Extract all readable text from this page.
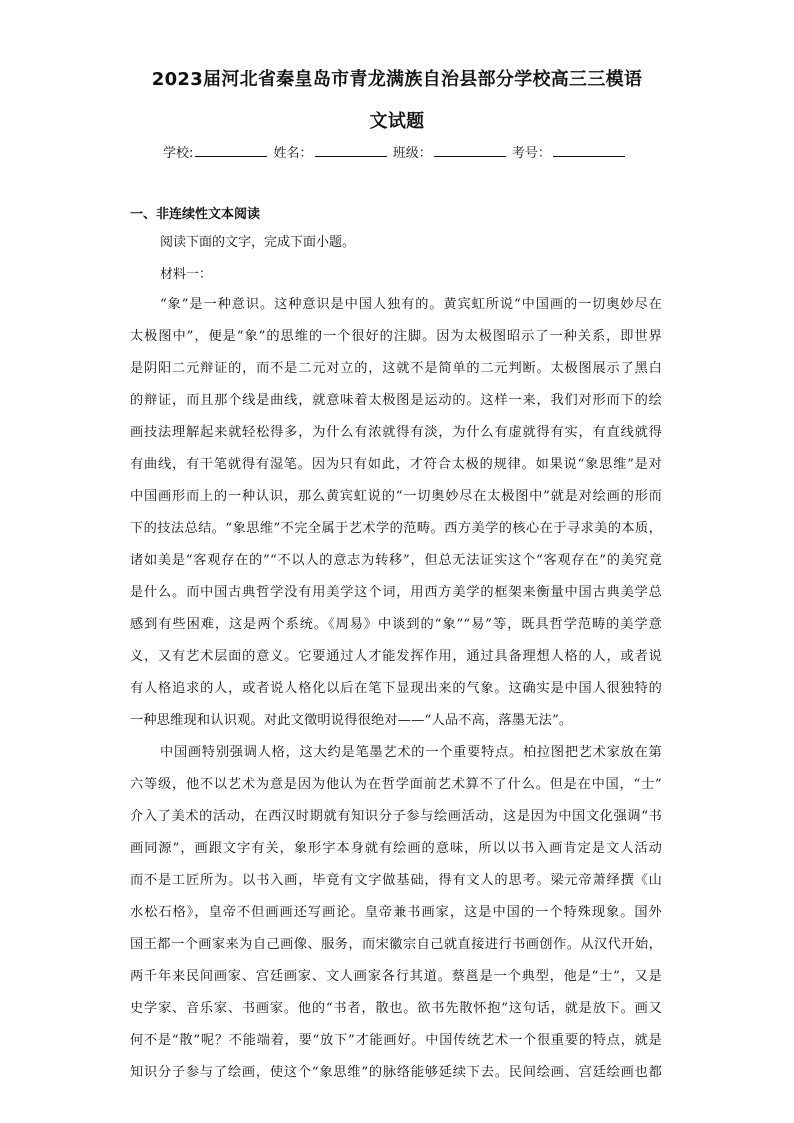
2023届河北省秦皇岛市青龙满族自治县部分学校高三三模语
文试题
学校:	姓名：	班级：	考号：
一、非连续性文本阅读
阅读下面的文字，完成下面小题。
材料一：
“象”是一种意识。这种意识是中国人独有的。黄宾虹所说“中国画的一切奥妙尽在
太极图中”，便是“象”的思维的一个很好的注脚。因为太极图昭示了一种关系，即世界
是阴阳二元辩证的，而不是二元对立的，这就不是简单的二元判断。太极图展示了黑白
的辩证，而且那个线是曲线，就意味着太极图是运动的。这样一来，我们对形而下的绘
画技法理解起来就轻松得多，为什么有浓就得有淡，为什么有虚就得有实，有直线就得
有曲线，有干笔就得有湿笔。因为只有如此，才符合太极的规律。如果说“象思维”是对
中国画形而上的一种认识，那么黄宾虹说的“一切奥妙尽在太极图中”就是对绘画的形而
下的技法总结。“象思维”不完全属于艺术学的范畴。西方美学的核心在于寻求美的本质，
诸如美是“客观存在的”“不以人的意志为转移”，但总无法证实这个“客观存在”的美究竟
是什么。而中国古典哲学没有用美学这个词，用西方美学的框架来衡量中国古典美学总
感到有些困难，这是两个系统。《周易》中谈到的“象”“易”等，既具哲学范畴的美学意
义，又有艺术层面的意义。它要通过人才能发挥作用，通过具备理想人格的人，或者说
有人格追求的人，或者说人格化以后在笔下显现出来的气象。这确实是中国人很独特的
一种思维现和认识观。对此文徵明说得很绝对——“人品不高，落墨无法”。
中国画特别强调人格，这大约是笔墨艺术的一个重要特点。柏拉图把艺术家放在第
六等级，他不以艺术为意是因为他认为在哲学面前艺术算不了什么。但是在中国，“士”
介入了美术的活动，在西汉时期就有知识分子参与绘画活动，这是因为中国文化强调“书
画同源”，画跟文字有关，象形字本身就有绘画的意味，所以以书入画肯定是文人活动
而不是工匠所为。以书入画，毕竟有文字做基础，得有文人的思考。梁元帝萧绎撰《山
水松石格》，皇帝不但画画还写画论。皇帝兼书画家，这是中国的一个特殊现象。国外
国王都一个画家来为自己画像、服务，而宋徽宗自己就直接进行书画创作。从汉代开始，
两千年来民间画家、宫廷画家、文人画家各行其道。蔡邕是一个典型，他是“士”，又是
史学家、音乐家、书画家。他的“书者，散也。欲书先散怀抱”这句话，就是放下。画又
何不是“散”呢？不能端着，要“放下”才能画好。中国传统艺术一个很重要的特点，就是
知识分子参与了绘画，使这个“象思维”的脉络能够延续下去。民间绘画、宫廷绘画也都
